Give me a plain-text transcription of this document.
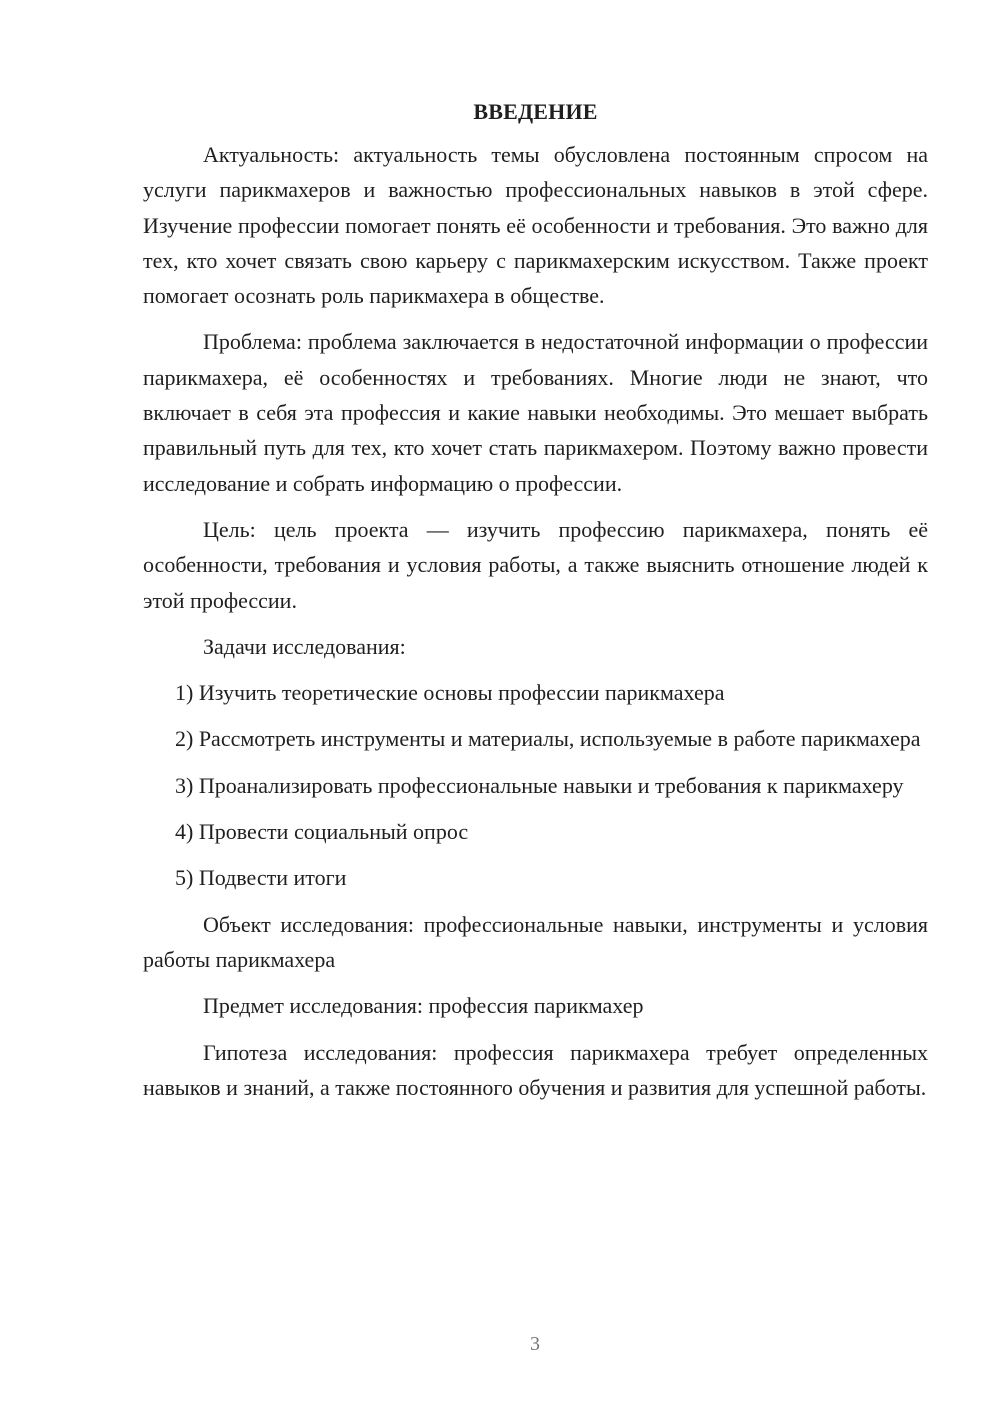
ВВЕДЕНИЕ

Актуальность: актуальность темы обусловлена постоянным спросом на услуги парикмахеров и важностью профессиональных навыков в этой сфере. Изучение профессии помогает понять её особенности и требования. Это важно для тех, кто хочет связать свою карьеру с парикмахерским искусством. Также проект помогает осознать роль парикмахера в обществе.

Проблема: проблема заключается в недостаточной информации о профессии парикмахера, её особенностях и требованиях. Многие люди не знают, что включает в себя эта профессия и какие навыки необходимы. Это мешает выбрать правильный путь для тех, кто хочет стать парикмахером. Поэтому важно провести исследование и собрать информацию о профессии.

Цель: цель проекта — изучить профессию парикмахера, понять её особенности, требования и условия работы, а также выяснить отношение людей к этой профессии.

Задачи исследования:

1) Изучить теоретические основы профессии парикмахера

2) Рассмотреть инструменты и материалы, используемые в работе парикмахера

3) Проанализировать профессиональные навыки и требования к парикмахеру

4) Провести социальный опрос

5) Подвести итоги

Объект исследования: профессиональные навыки, инструменты и условия работы парикмахера

Предмет исследования: профессия парикмахер

Гипотеза исследования: профессия парикмахера требует определенных навыков и знаний, а также постоянного обучения и развития для успешной работы.

3
